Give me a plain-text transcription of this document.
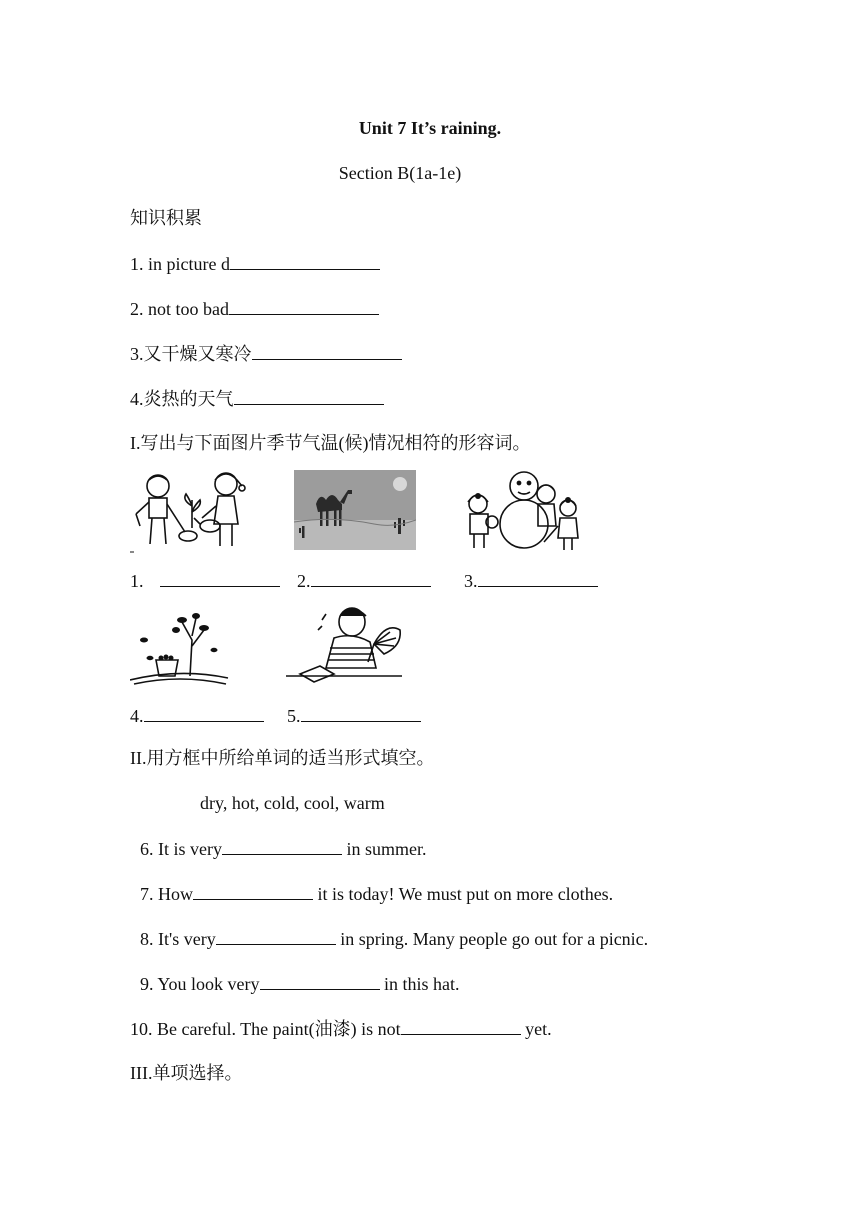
Unit 7 It’s raining.
Section B(1a-1e)
知识积累
1. in picture d
2. not too bad
3.又干燥又寒冷
4.炎热的天气
I.写出与下面图片季节气温(候)情况相符的形容词。
1.	2.	3.
4.	5.
II.用方框中所给单词的适当形式填空。
dry, hot, cold, cool, warm
6. It is very	in summer.
7. How	it is today! We must put on more clothes.
8. It's very	in spring. Many people go out for a picnic.
9. You look very	in this hat.
10. Be careful. The paint(油漆) is not	yet.
III.单项选择。
